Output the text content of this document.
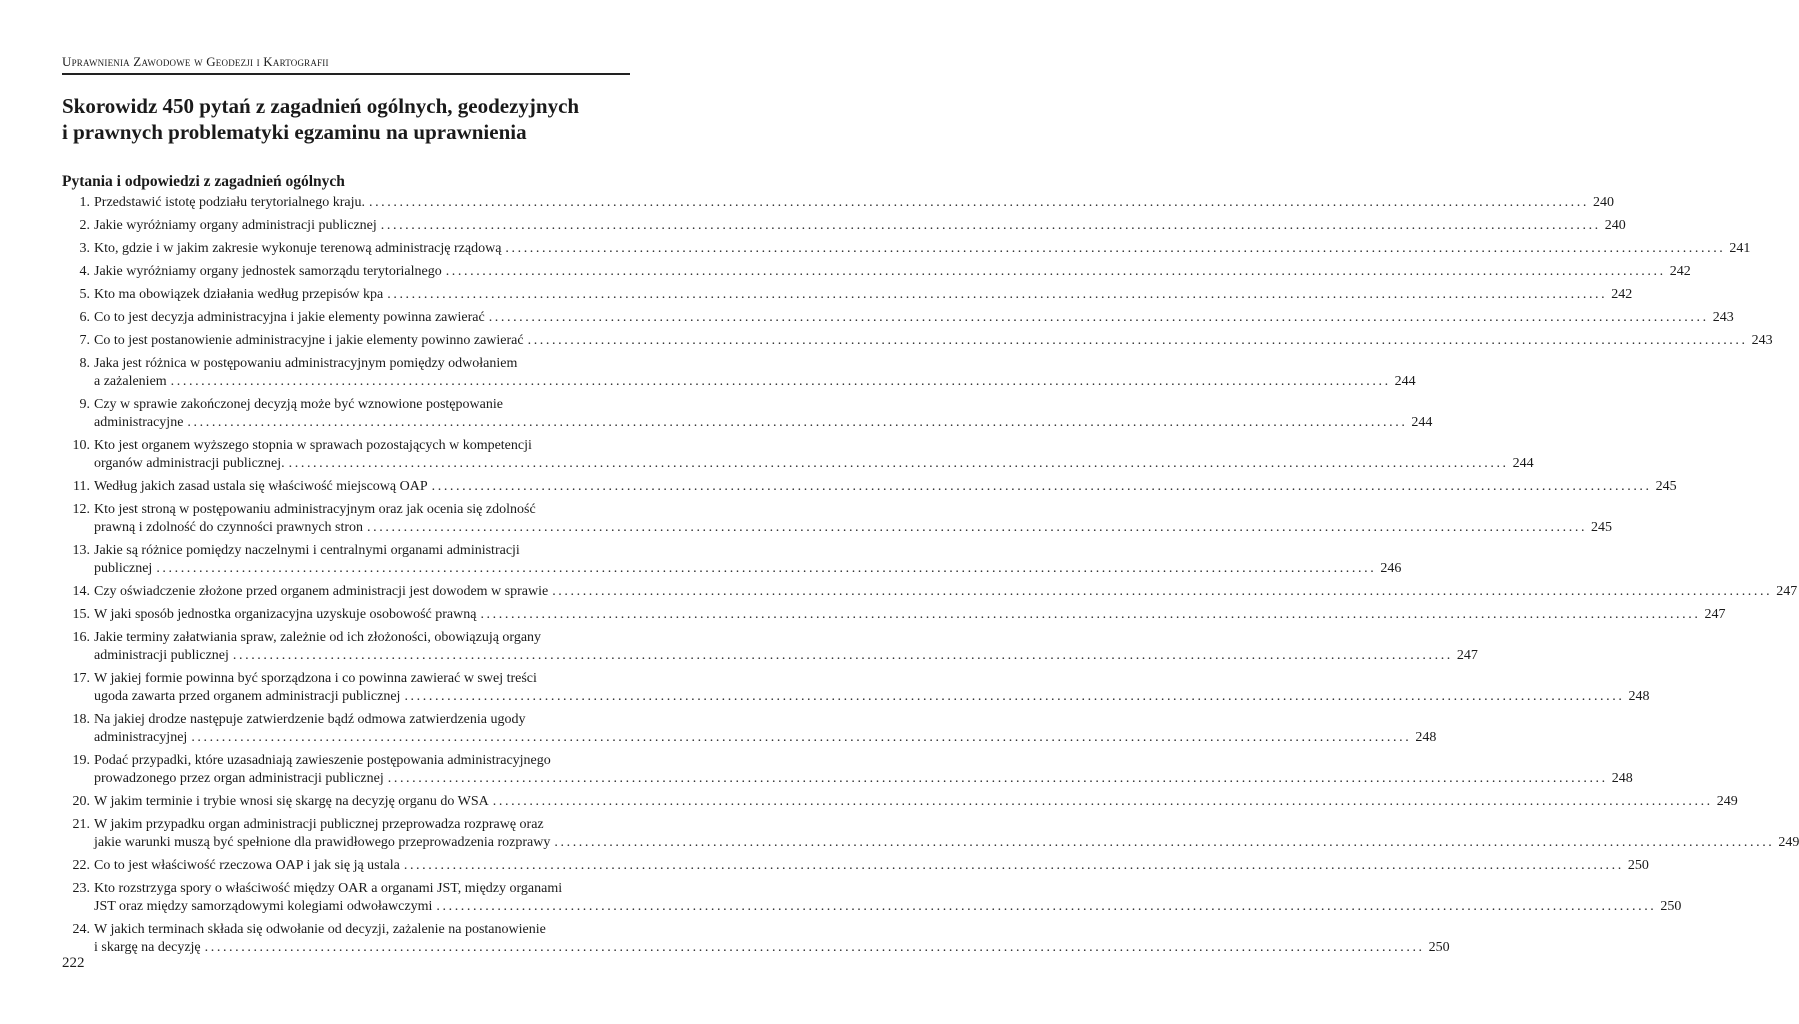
Uprawnienia Zawodowe w Geodezji i Kartografii
Skorowidz 450 pytań z zagadnień ogólnych, geodezyjnych
i prawnych problematyki egzaminu na uprawnienia
Pytania i odpowiedzi z zagadnień ogólnych
1. Przedstawić istotę podziału terytorialnego kraju. ........................................................................................................................................................................................................ 240
2. Jakie wyróżniamy organy administracji publicznej ........................................................................................................................................................................................................ 240
3. Kto, gdzie i w jakim zakresie wykonuje terenową administrację rządową ........................................................................................................................................................................................................ 241
4. Jakie wyróżniamy organy jednostek samorządu terytorialnego ........................................................................................................................................................................................................ 242
5. Kto ma obowiązek działania według przepisów kpa ........................................................................................................................................................................................................ 242
6. Co to jest decyzja administracyjna i jakie elementy powinna zawierać ........................................................................................................................................................................................................ 243
7. Co to jest postanowienie administracyjne i jakie elementy powinno zawierać ........................................................................................................................................................................................................ 243
8. Jaka jest różnica w postępowaniu administracyjnym pomiędzy odwołaniem
a zażaleniem ........................................................................................................................................................................................................ 244
9. Czy w sprawie zakończonej decyzją może być wznowione postępowanie
administracyjne ........................................................................................................................................................................................................ 244
10. Kto jest organem wyższego stopnia w sprawach pozostających w kompetencji
organów administracji publicznej. ........................................................................................................................................................................................................ 244
11. Według jakich zasad ustala się właściwość miejscową OAP ........................................................................................................................................................................................................ 245
12. Kto jest stroną w postępowaniu administracyjnym oraz jak ocenia się zdolność
prawną i zdolność do czynności prawnych stron ........................................................................................................................................................................................................ 245
13. Jakie są różnice pomiędzy naczelnymi i centralnymi organami administracji
publicznej ........................................................................................................................................................................................................ 246
14. Czy oświadczenie złożone przed organem administracji jest dowodem w sprawie ........................................................................................................................................................................................................ 247
15. W jaki sposób jednostka organizacyjna uzyskuje osobowość prawną ........................................................................................................................................................................................................ 247
16. Jakie terminy załatwiania spraw, zależnie od ich złożoności, obowiązują organy
administracji publicznej ........................................................................................................................................................................................................ 247
17. W jakiej formie powinna być sporządzona i co powinna zawierać w swej treści
ugoda zawarta przed organem administracji publicznej ........................................................................................................................................................................................................ 248
18. Na jakiej drodze następuje zatwierdzenie bądź odmowa zatwierdzenia ugody
administracyjnej ........................................................................................................................................................................................................ 248
19. Podać przypadki, które uzasadniają zawieszenie postępowania administracyjnego
prowadzonego przez organ administracji publicznej ........................................................................................................................................................................................................ 248
20. W jakim terminie i trybie wnosi się skargę na decyzję organu do WSA ........................................................................................................................................................................................................ 249
21. W jakim przypadku organ administracji publicznej przeprowadza rozprawę oraz
jakie warunki muszą być spełnione dla prawidłowego przeprowadzenia rozprawy ........................................................................................................................................................................................................ 249
22. Co to jest właściwość rzeczowa OAP i jak się ją ustala ........................................................................................................................................................................................................ 250
23. Kto rozstrzyga spory o właściwość między OAR a organami JST, między organami
JST oraz między samorządowymi kolegiami odwoławczymi ........................................................................................................................................................................................................ 250
24. W jakich terminach składa się odwołanie od decyzji, zażalenie na postanowienie
i skargę na decyzję ........................................................................................................................................................................................................ 250
222
